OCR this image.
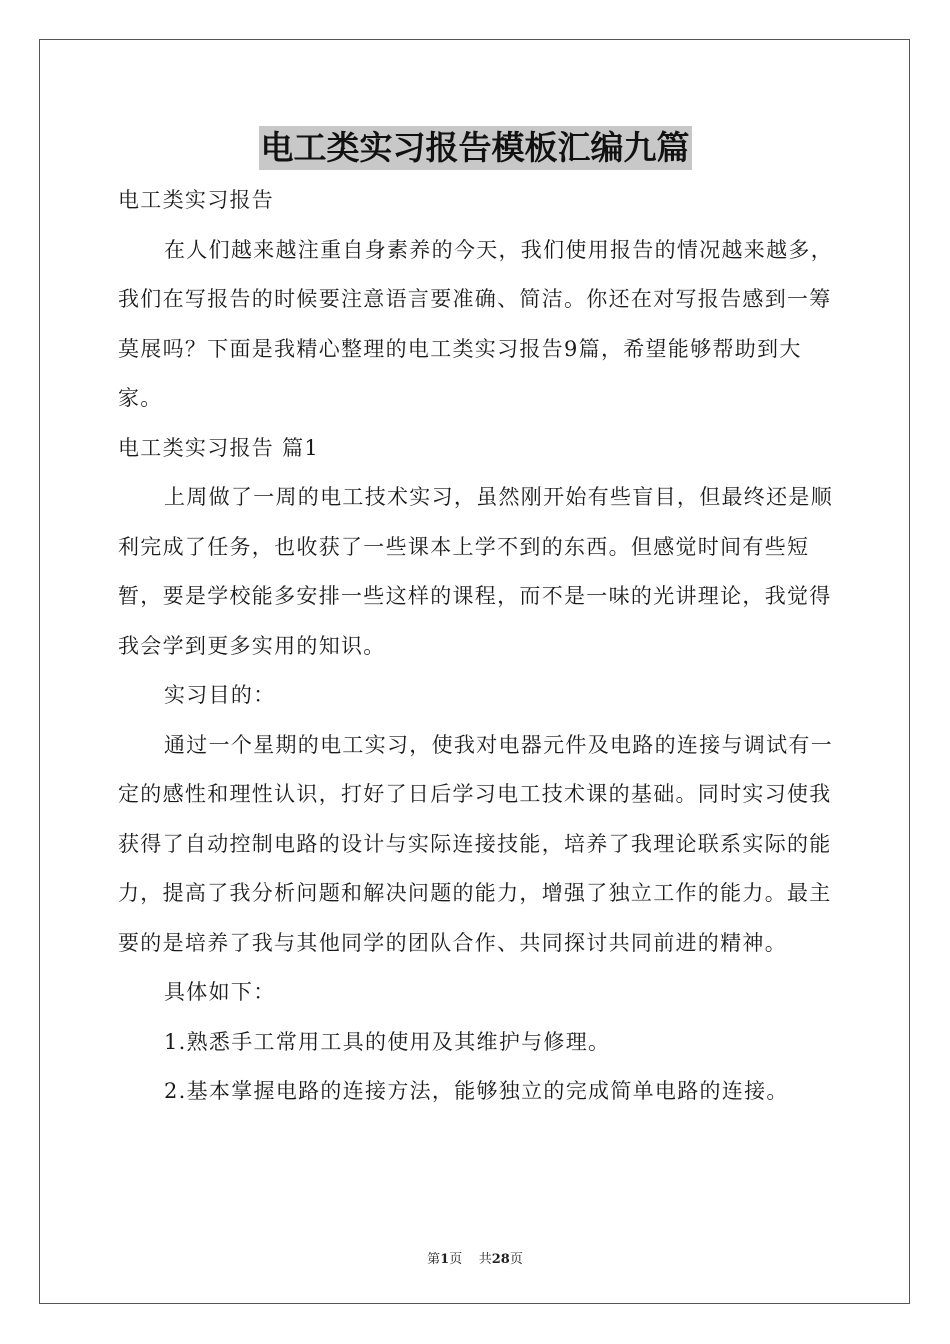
电工类实习报告模板汇编九篇

电工类实习报告

在人们越来越注重自身素养的今天，我们使用报告的情况越来越多，我们在写报告的时候要注意语言要准确、简洁。你还在对写报告感到一筹莫展吗？下面是我精心整理的电工类实习报告9篇，希望能够帮助到大家。

电工类实习报告 篇1

上周做了一周的电工技术实习，虽然刚开始有些盲目，但最终还是顺利完成了任务，也收获了一些课本上学不到的东西。但感觉时间有些短暂，要是学校能多安排一些这样的课程，而不是一味的光讲理论，我觉得我会学到更多实用的知识。

实习目的：

通过一个星期的电工实习，使我对电器元件及电路的连接与调试有一定的感性和理性认识，打好了日后学习电工技术课的基础。同时实习使我获得了自动控制电路的设计与实际连接技能，培养了我理论联系实际的能力，提高了我分析问题和解决问题的能力，增强了独立工作的能力。最主要的是培养了我与其他同学的团队合作、共同探讨共同前进的精神。

具体如下：

1.熟悉手工常用工具的使用及其维护与修理。

2.基本掌握电路的连接方法，能够独立的完成简单电路的连接。

第1页 共28页
